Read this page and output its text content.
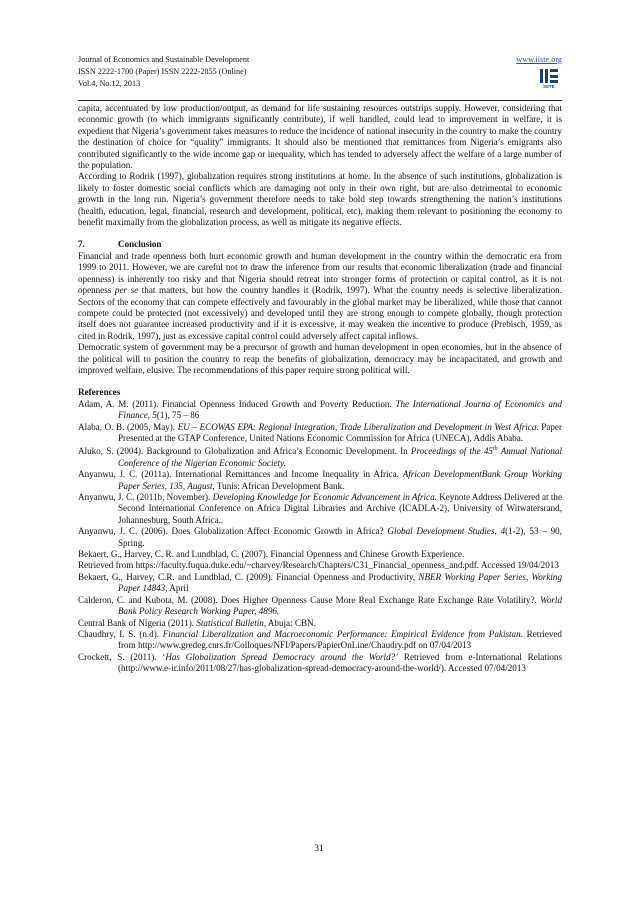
Journal of Economics and Sustainable Development
ISSN 2222-1700 (Paper) ISSN 2222-2855 (Online)
Vol.4, No.12, 2013
www.iiste.org
IISTE

capita, accentuated by low production/output, as demand for life sustaining resources outstrips supply. However, considering that economic growth (to which immigrants significantly contribute), if well handled, could lead to improvement in welfare, it is expedient that Nigeria’s government takes measures to reduce the incidence of national insecurity in the country to make the country the destination of choice for “quality” immigrants. It should also be mentioned that remittances from Nigeria’s emigrants also contributed significantly to the wide income gap or inequality, which has tended to adversely affect the welfare of a large number of the population.

According to Rodrik (1997), globalization requires strong institutions at home. In the absence of such institutions, globalization is likely to foster domestic social conflicts which are damaging not only in their own right, but are also detrimental to economic growth in the long run. Nigeria’s government therefore needs to take bold step towards strengthening the nation’s institutions (health, education, legal, financial, research and development, political, etc), making them relevant to positioning the economy to benefit maximally from the globalization process, as well as mitigate its negative effects.

7.	Conclusion

Financial and trade openness both hurt economic growth and human development in the country within the democratic era from 1999 to 2011. However, we are careful not to draw the inference from our results that economic liberalization (trade and financial openness) is inherently too risky and that Nigeria should retreat into stronger forms of protection or capital control, as it is not openness per se that matters, but how the country handles it (Rodrik, 1997). What the country needs is selective liberalization. Sectors of the economy that can compete effectively and favourably in the global market may be liberalized, while those that cannot compete could be protected (not excessively) and developed until they are strong enough to compete globally, though protection itself does not guarantee increased productivity and if it is excessive, it may weaken the incentive to produce (Prebisch, 1959, as cited in Rodrik, 1997), just as excessive capital control could adversely affect capital inflows.

Democratic system of government may be a precursor of growth and human development in open economies, but in the absence of the political will to position the country to reap the benefits of globalization, democracy may be incapacitated, and growth and improved welfare, elusive. The recommendations of this paper require strong political will.

References

Adam, A. M. (2011). Financial Openness Induced Growth and Poverty Reduction. The International Journa of Economics and Finance, 5(1), 75 – 86

Alaba, O. B. (2005, May). EU – ECOWAS EPA: Regional Integration, Trade Liberalization and Development in West Africa. Paper Presented at the GTAP Conference, United Nations Economic Commission for Africa (UNECA), Addis Ababa.

Aluko, S. (2004). Background to Globalization and Africa’s Economic Development. In Proceedings of the 45th Annual National Conference of the Nigerian Economic Society.

Anyanwu, J. C. (2011a). International Remittances and Income Inequality in Africa. African DevelopmentBank Group Working Paper Series, 135, August, Tunis: African Development Bank.

Anyanwu, J. C. (2011b, November). Developing Knowledge for Economic Advancement in Africa. Keynote Address Delivered at the Second International Conference on Africa Digital Libraries and Archive (ICADLA-2), University of Witwatersrand, Johannesburg, South Africa..

Anyanwu, J. C. (2006). Does Globalization Affect Economic Growth in Africa? Global Development Studies, 4(1-2), 53 – 90, Spring.

Bekaert, G., Harvey, C. R. and Lundblad, C. (2007). Financial Openness and Chinese Growth Experience.

Retrieved from https://faculty.fuqua.duke.edu/~charvey/Research/Chapters/C31_Financial_openness_and.pdf. Accessed 19/04/2013

Bekaert, G., Harvey, C.R. and Lundblad, C. (2009). Financial Openness and Productivity, NBER Working Paper Series, Working Paper 14843, April

Calderon, C. and Kubota, M. (2008). Does Higher Openness Cause More Real Exchange Rate Exchange Rate Volatility?. World Bank Policy Research Working Paper, 4896.

Central Bank of Nigeria (2011). Statistical Bulletin, Abuja: CBN.

Chaudhry, I. S. (n.d). Financial Liberalization and Macroeconomic Performance: Empirical Evidence from Pakistan. Retrieved from http://www.gredeg.cnrs.fr/Colloques/NFI/Papers/PapierOnLine/Chaudry.pdf on 07/04/2013

Crockett, S. (2011). ‘Has Globalization Spread Democracy around the World?’ Retrieved from e-International Relations (http://www.e-ir.info/2011/08/27/has-globalization-spread-democracy-around-the-world/). Accessed 07/04/2013

31
